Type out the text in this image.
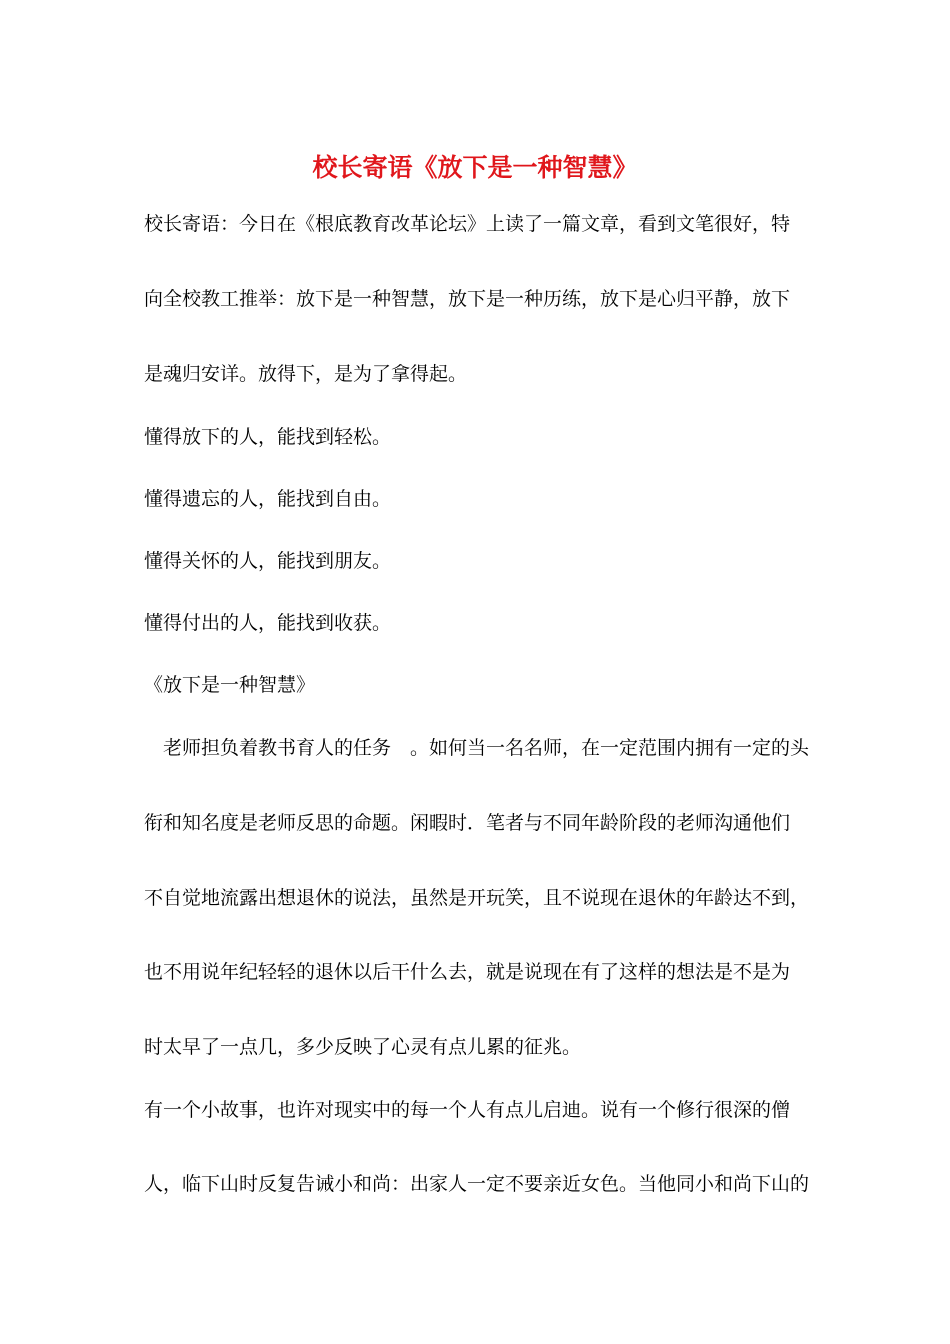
校长寄语《放下是一种智慧》
校长寄语：今日在《根底教育改革论坛》上读了一篇文章，看到文笔很好，特
向全校教工推举：放下是一种智慧，放下是一种历练，放下是心归平静，放下
是魂归安详。放得下，是为了拿得起。
懂得放下的人，能找到轻松。
懂得遗忘的人，能找到自由。
懂得关怀的人，能找到朋友。
懂得付出的人，能找到收获。
《放下是一种智慧》
　老师担负着教书育人的任务　。如何当一名名师，在一定范围内拥有一定的头
衔和知名度是老师反思的命题。闲暇时．笔者与不同年龄阶段的老师沟通他们
不自觉地流露出想退休的说法，虽然是开玩笑，且不说现在退休的年龄达不到，
也不用说年纪轻轻的退休以后干什么去，就是说现在有了这样的想法是不是为
时太早了一点几，多少反映了心灵有点儿累的征兆。
有一个小故事，也许对现实中的每一个人有点儿启迪。说有一个修行很深的僧
人，临下山时反复告诫小和尚：出家人一定不要亲近女色。当他同小和尚下山的
